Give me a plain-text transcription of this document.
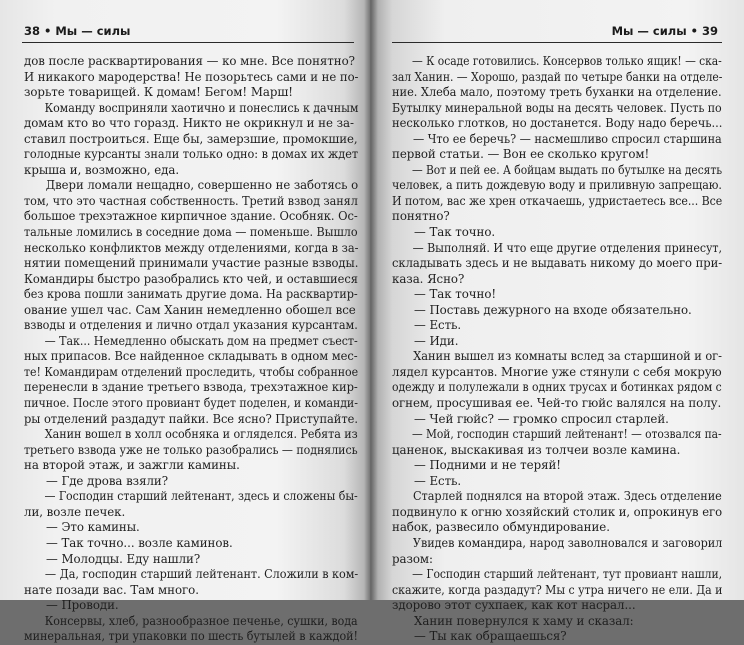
38 • Мы — силы
дов после расквартирования — ко мне. Все понятно?
И никакого мародерства! Не позорьтесь сами и не по-
зорьте товарищей. К домам! Бегом! Марш!
Команду восприняли хаотично и понеслись к дачным
домам кто во что горазд. Никто не окрикнул и не за-
ставил построиться. Еще бы, замерзшие, промокшие,
голодные курсанты знали только одно: в домах их ждет
крыша и, возможно, еда.
Двери ломали нещадно, совершенно не заботясь о
том, что это частная собственность. Третий взвод занял
большое трехэтажное кирпичное здание. Особняк. Ос-
тальные ломились в соседние дома — поменьше. Вышло
несколько конфликтов между отделениями, когда в за-
нятии помещений принимали участие разные взводы.
Командиры быстро разобрались кто чей, и оставшиеся
без крова пошли занимать другие дома. На расквартир-
ование ушел час. Сам Ханин немедленно обошел все
взводы и отделения и лично отдал указания курсантам.
— Так... Немедленно обыскать дом на предмет съест-
ных припасов. Все найденное складывать в одном мес-
те! Командирам отделений проследить, чтобы собранное
перенесли в здание третьего взвода, трехэтажное кир-
пичное. После этого провиант будет поделен, и команди-
ры отделений раздадут пайки. Все ясно? Приступайте.
Ханин вошел в холл особняка и огляделся. Ребята из
третьего взвода уже не только разобрались — поднялись
на второй этаж, и зажгли камины.
— Где дрова взяли?
— Господин старший лейтенант, здесь и сложены бы-
ли, возле печек.
— Это камины.
— Так точно... возле каминов.
— Молодцы. Еду нашли?
— Да, господин старший лейтенант. Сложили в ком-
нате позади вас. Там много.
— Проводи.
Консервы, хлеб, разнообразное печенье, сушки, вода
минеральная, три упаковки по шесть бутылей в каждой!
Мы — силы • 39
— К осаде готовились. Консервов только ящик! — ска-
зал Ханин. — Хорошо, раздай по четыре банки на отделе-
ние. Хлеба мало, поэтому треть буханки на отделение.
Бутылку минеральной воды на десять человек. Пусть по
несколько глотков, но достанется. Воду надо беречь...
— Что ее беречь? — насмешливо спросил старшина
первой статьи. — Вон ее сколько кругом!
— Вот и пей ее. А бойцам выдать по бутылке на десять
человек, а пить дождевую воду и приливную запрещаю.
И потом, вас же хрен откачаешь, удристаетесь все... Все
понятно?
— Так точно.
— Выполняй. И что еще другие отделения принесут,
складывать здесь и не выдавать никому до моего при-
каза. Ясно?
— Так точно!
— Поставь дежурного на входе обязательно.
— Есть.
— Иди.
Ханин вышел из комнаты вслед за старшиной и ог-
лядел курсантов. Многие уже стянули с себя мокрую
одежду и полулежали в одних трусах и ботинках рядом с
огнем, просушивая ее. Чей-то гюйс валялся на полу.
— Чей гюйс? — громко спросил старлей.
— Мой, господин старший лейтенант! — отозвался па-
цаненок, выскакивая из толчеи возле камина.
— Подними и не теряй!
— Есть.
Старлей поднялся на второй этаж. Здесь отделение
подвинуло к огню хозяйский столик и, опрокинув его
набок, развесило обмундирование.
Увидев командира, народ заволновался и заговорил
разом:
— Господин старший лейтенант, тут провиант нашли,
скажите, когда раздадут? Мы с утра ничего не ели. Да и
здорово этот сухпаек, как кот насрал...
Ханин повернулся к хаму и сказал:
— Ты как обращаешься?
